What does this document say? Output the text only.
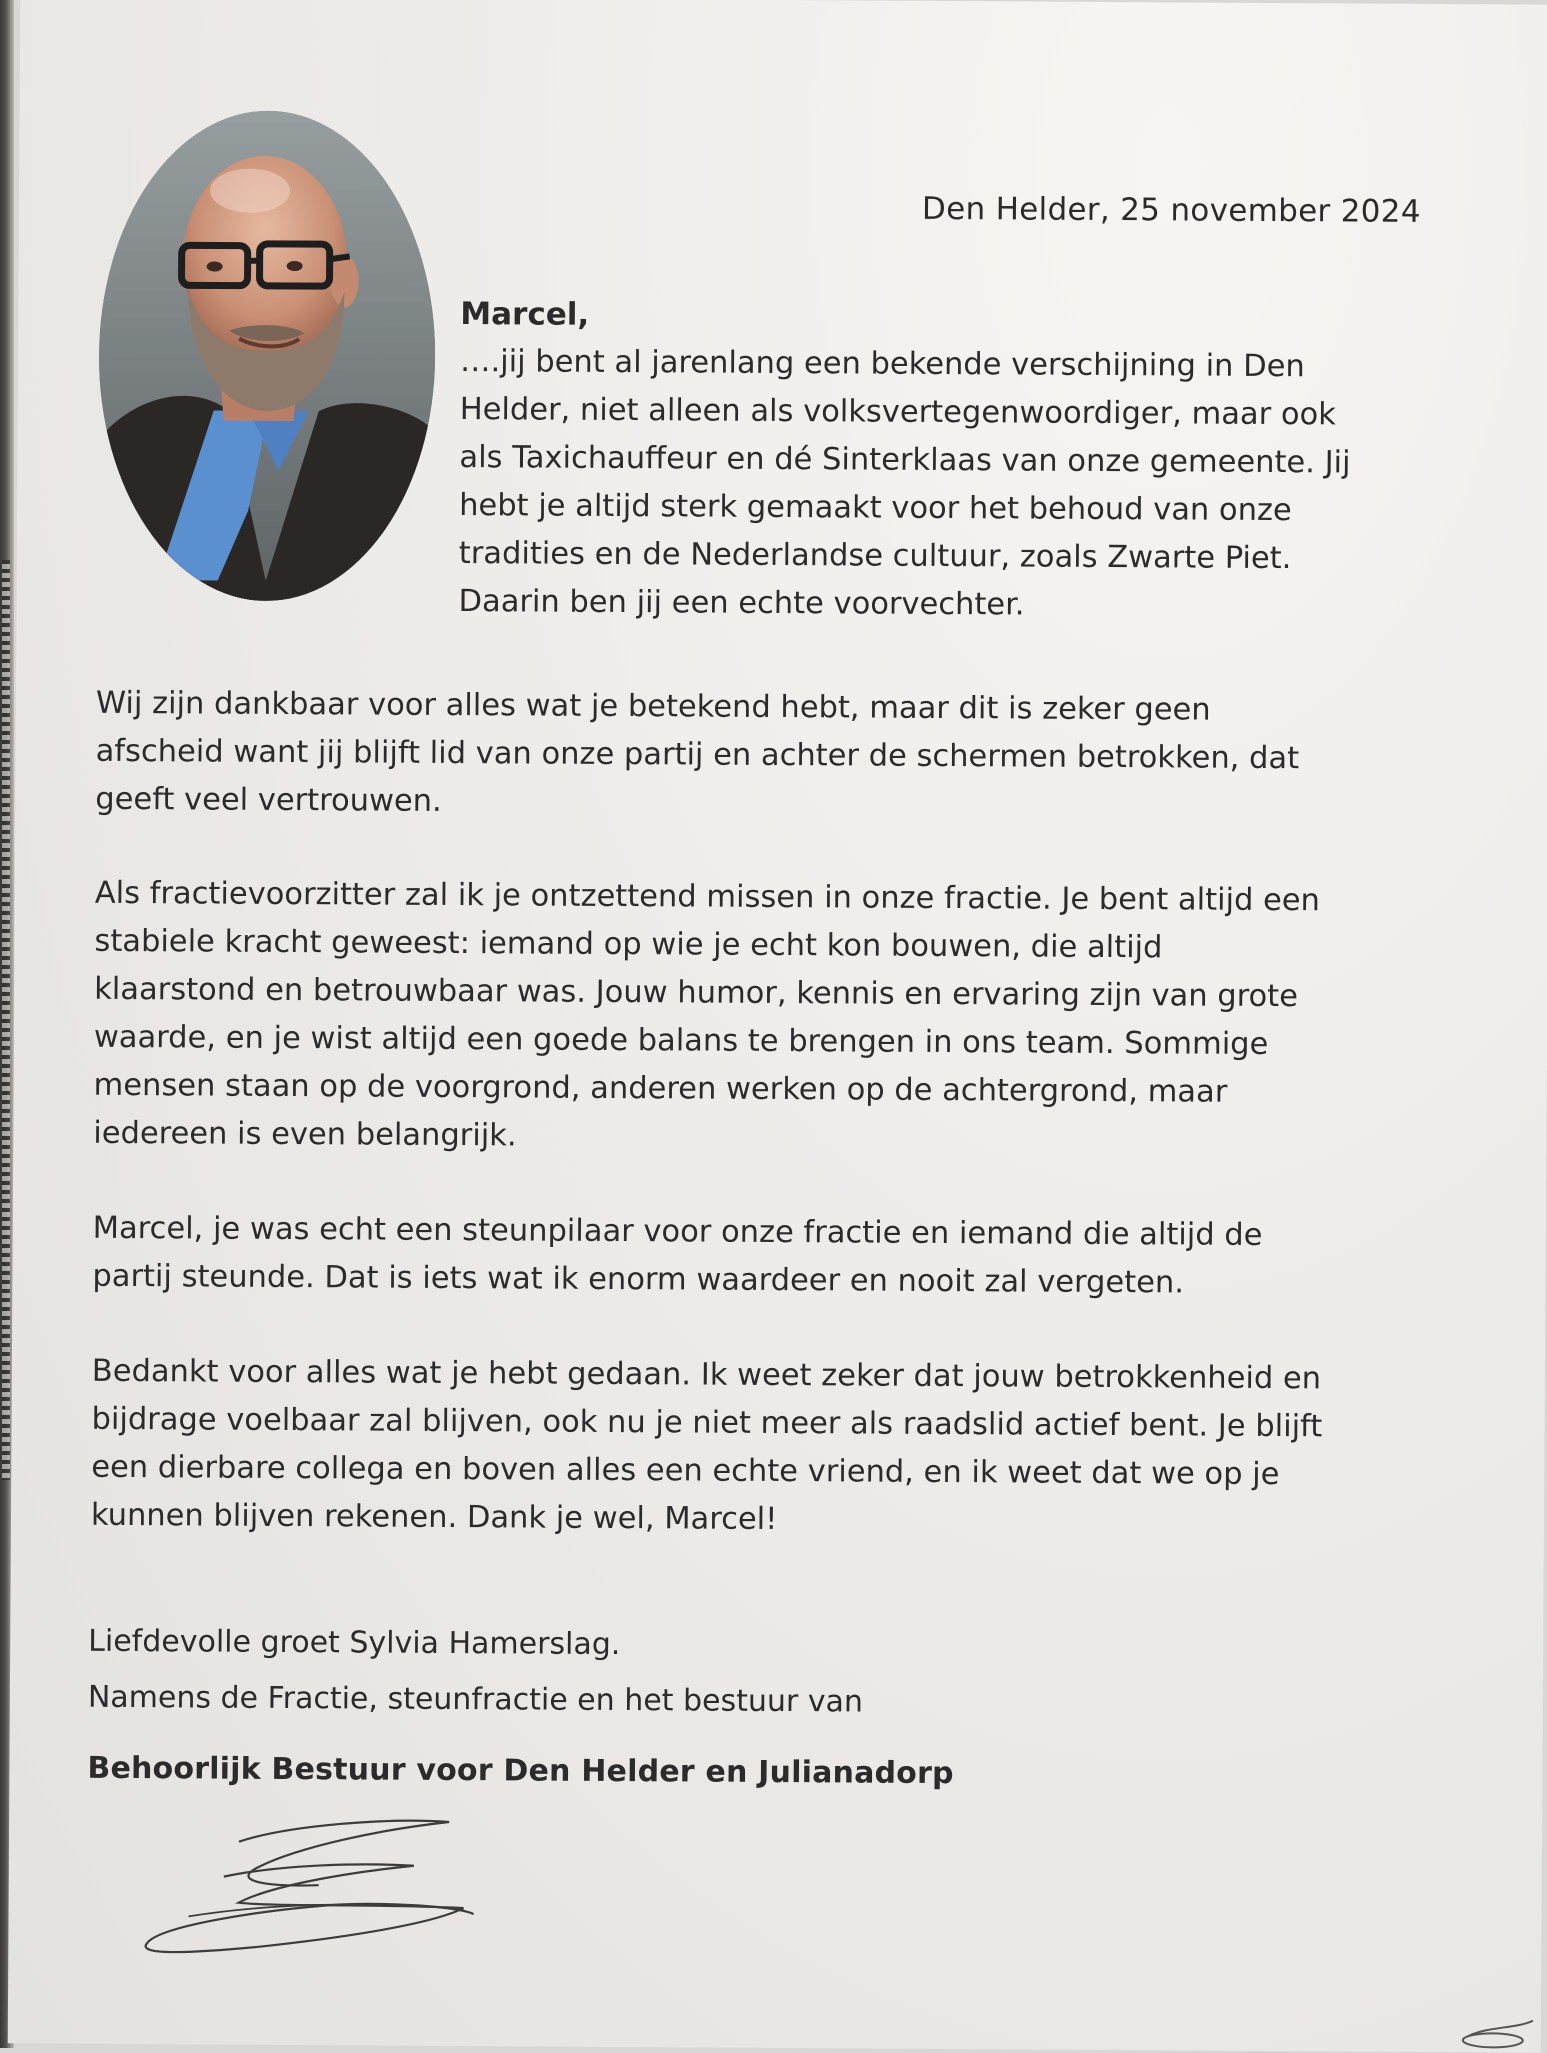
Den Helder, 25 november 2024
Marcel,
….jij bent al jarenlang een bekende verschijning in Den
Helder, niet alleen als volksvertegenwoordiger, maar ook
als Taxichauffeur en dé Sinterklaas van onze gemeente. Jij
hebt je altijd sterk gemaakt voor het behoud van onze
tradities en de Nederlandse cultuur, zoals Zwarte Piet.
Daarin ben jij een echte voorvechter.
Wij zijn dankbaar voor alles wat je betekend hebt, maar dit is zeker geen
afscheid want jij blijft lid van onze partij en achter de schermen betrokken, dat
geeft veel vertrouwen.
Als fractievoorzitter zal ik je ontzettend missen in onze fractie. Je bent altijd een
stabiele kracht geweest: iemand op wie je echt kon bouwen, die altijd
klaarstond en betrouwbaar was. Jouw humor, kennis en ervaring zijn van grote
waarde, en je wist altijd een goede balans te brengen in ons team. Sommige
mensen staan op de voorgrond, anderen werken op de achtergrond, maar
iedereen is even belangrijk.
Marcel, je was echt een steunpilaar voor onze fractie en iemand die altijd de
partij steunde. Dat is iets wat ik enorm waardeer en nooit zal vergeten.
Bedankt voor alles wat je hebt gedaan. Ik weet zeker dat jouw betrokkenheid en
bijdrage voelbaar zal blijven, ook nu je niet meer als raadslid actief bent. Je blijft
een dierbare collega en boven alles een echte vriend, en ik weet dat we op je
kunnen blijven rekenen. Dank je wel, Marcel!
Liefdevolle groet Sylvia Hamerslag.
Namens de Fractie, steunfractie en het bestuur van
Behoorlijk Bestuur voor Den Helder en Julianadorp
